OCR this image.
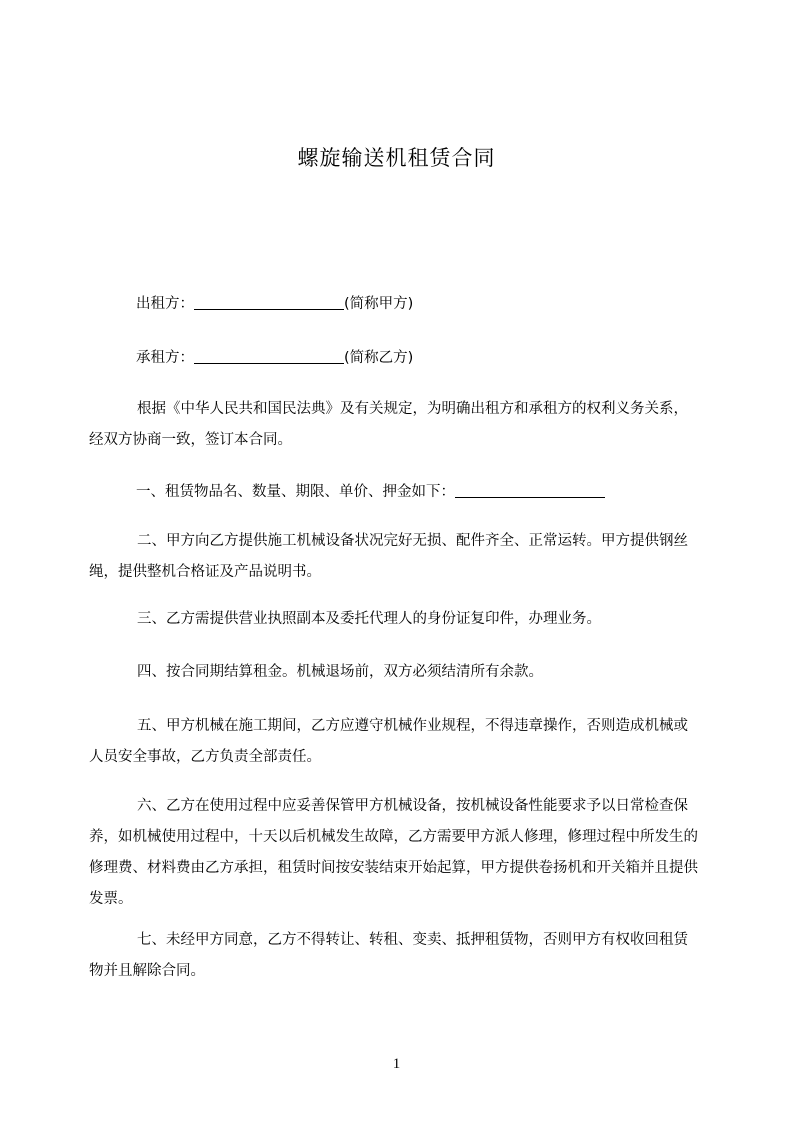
螺旋输送机租赁合同
出租方：	(简称甲方)
承租方：	(简称乙方)

根据《中华人民共和国民法典》及有关规定，为明确出租方和承租方的权利义务关系，经双方协商一致，签订本合同。

一、租赁物品名、数量、期限、单价、押金如下：

二、甲方向乙方提供施工机械设备状况完好无损、配件齐全、正常运转。甲方提供钢丝绳，提供整机合格证及产品说明书。

三、乙方需提供营业执照副本及委托代理人的身份证复印件，办理业务。

四、按合同期结算租金。机械退场前，双方必须结清所有余款。

五、甲方机械在施工期间，乙方应遵守机械作业规程，不得违章操作，否则造成机械或人员安全事故，乙方负责全部责任。

六、乙方在使用过程中应妥善保管甲方机械设备，按机械设备性能要求予以日常检查保养，如机械使用过程中，十天以后机械发生故障，乙方需要甲方派人修理，修理过程中所发生的修理费、材料费由乙方承担，租赁时间按安装结束开始起算，甲方提供卷扬机和开关箱并且提供发票。

七、未经甲方同意，乙方不得转让、转租、变卖、抵押租赁物，否则甲方有权收回租赁物并且解除合同。

1
